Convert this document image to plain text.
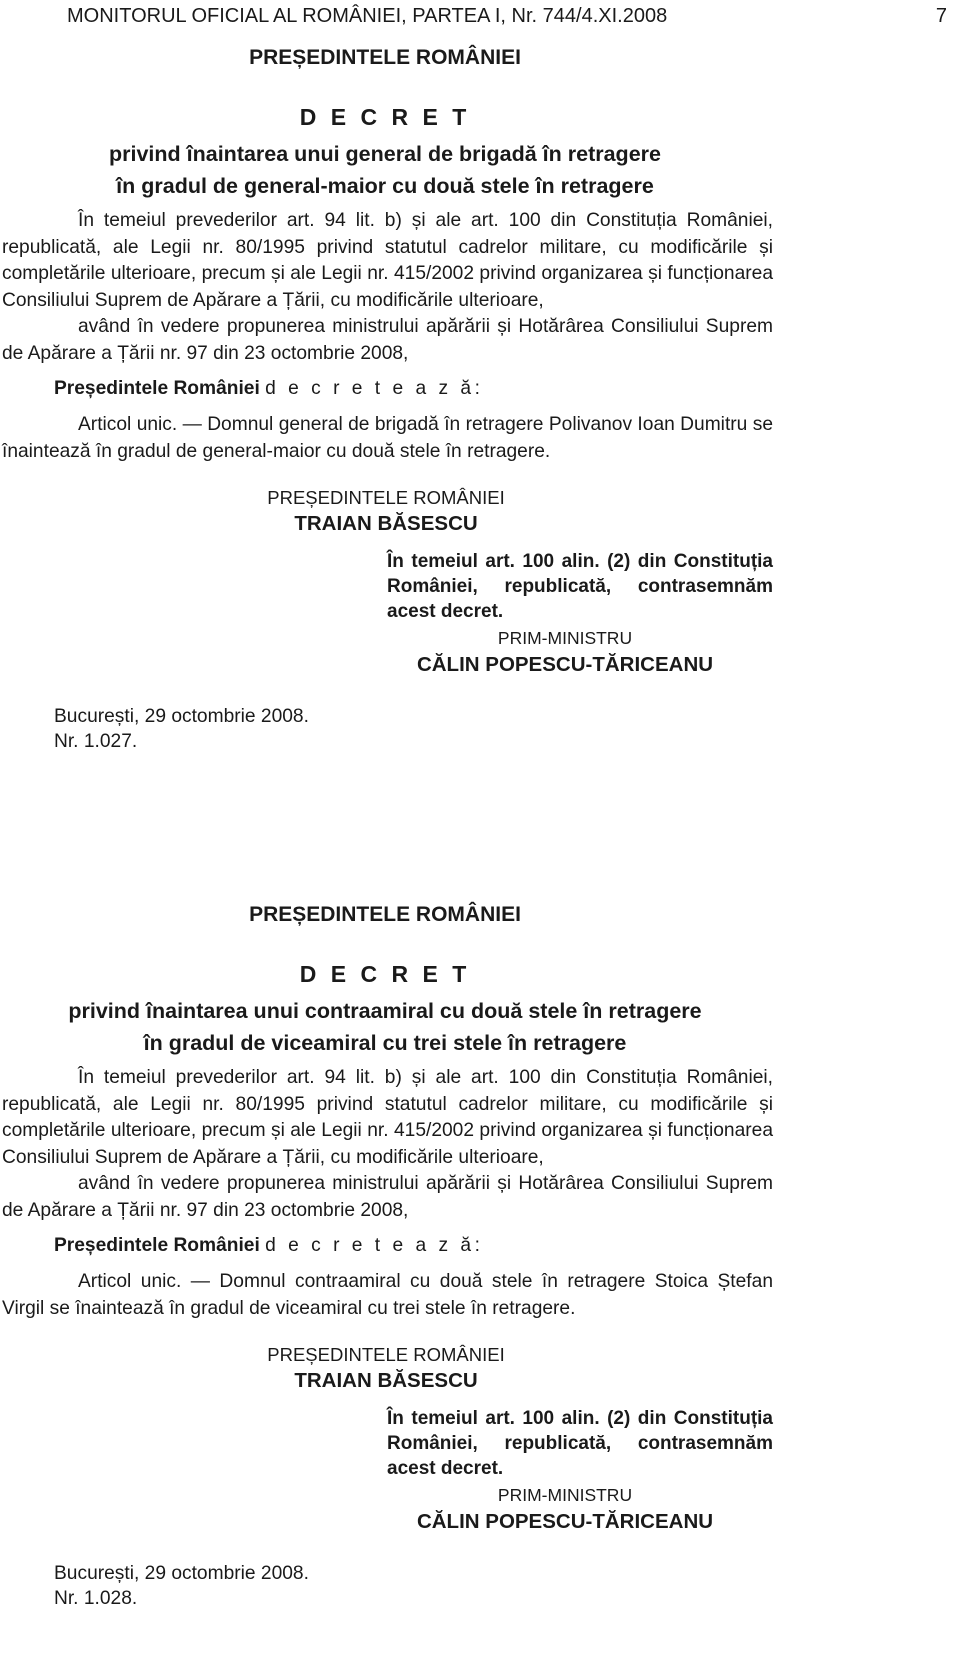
MONITORUL OFICIAL AL ROMÂNIEI, PARTEA I, Nr. 744/4.XI.2008	7
PREȘEDINTELE ROMÂNIEI
D E C R E T
privind înaintarea unui general de brigadă în retragere
în gradul de general-maior cu două stele în retragere

În temeiul prevederilor art. 94 lit. b) și ale art. 100 din Constituția României, republicată, ale Legii nr. 80/1995 privind statutul cadrelor militare, cu modificările și completările ulterioare, precum și ale Legii nr. 415/2002 privind organizarea și funcționarea Consiliului Suprem de Apărare a Țării, cu modificările ulterioare,

având în vedere propunerea ministrului apărării și Hotărârea Consiliului Suprem de Apărare a Țării nr. 97 din 23 octombrie 2008,

Președintele României d e c r e t e a z ă:

Articol unic. — Domnul general de brigadă în retragere Polivanov Ioan Dumitru se înaintează în gradul de general-maior cu două stele în retragere.

PREȘEDINTELE ROMÂNIEI
TRAIAN BĂSESCU
În temeiul art. 100 alin. (2) din Constituția României, republicată, contrasemnăm acest decret.
PRIM-MINISTRU
CĂLIN POPESCU-TĂRICEANU
București, 29 octombrie 2008.
Nr. 1.027.
PREȘEDINTELE ROMÂNIEI
D E C R E T
privind înaintarea unui contraamiral cu două stele în retragere
în gradul de viceamiral cu trei stele în retragere

În temeiul prevederilor art. 94 lit. b) și ale art. 100 din Constituția României, republicată, ale Legii nr. 80/1995 privind statutul cadrelor militare, cu modificările și completările ulterioare, precum și ale Legii nr. 415/2002 privind organizarea și funcționarea Consiliului Suprem de Apărare a Țării, cu modificările ulterioare,

având în vedere propunerea ministrului apărării și Hotărârea Consiliului Suprem de Apărare a Țării nr. 97 din 23 octombrie 2008,

Președintele României d e c r e t e a z ă:

Articol unic. — Domnul contraamiral cu două stele în retragere Stoica Ștefan Virgil se înaintează în gradul de viceamiral cu trei stele în retragere.

PREȘEDINTELE ROMÂNIEI
TRAIAN BĂSESCU
În temeiul art. 100 alin. (2) din Constituția României, republicată, contrasemnăm acest decret.
PRIM-MINISTRU
CĂLIN POPESCU-TĂRICEANU
București, 29 octombrie 2008.
Nr. 1.028.
